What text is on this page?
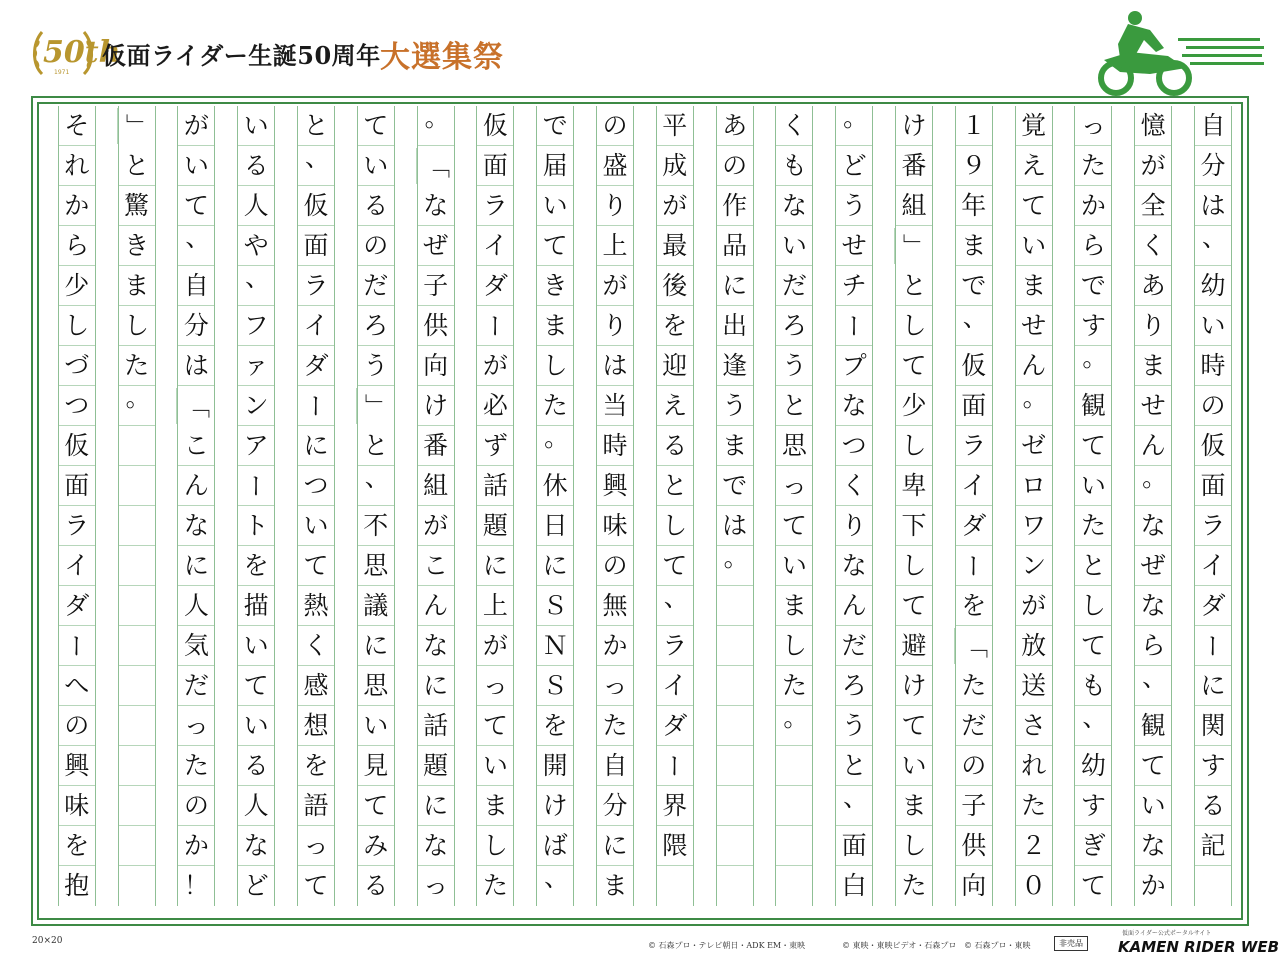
50th
1971
仮面ライダー生誕50周年 大選集祭
自
分
は
、
幼
い
時
の
仮
面
ラ
イ
ダ
ー
に
関
す
る
記
憶
が
全
く
あ
り
ま
せ
ん
。
な
ぜ
な
ら
、
観
て
い
な
か
っ
た
か
ら
で
す
。
観
て
い
た
と
し
て
も
、
幼
す
ぎ
て
覚
え
て
い
ま
せ
ん
。
ゼ
ロ
ワ
ン
が
放
送
さ
れ
た
２
０
１
９
年
ま
で
、
仮
面
ラ
イ
ダ
ー
を
「
た
だ
の
子
供
向
け
番
組
」
と
し
て
少
し
卑
下
し
て
避
け
て
い
ま
し
た
。
ど
う
せ
チ
ー
プ
な
つ
く
り
な
ん
だ
ろ
う
と
、
面
白
く
も
な
い
だ
ろ
う
と
思
っ
て
い
ま
し
た
。
あ
の
作
品
に
出
逢
う
ま
で
は
。
平
成
が
最
後
を
迎
え
る
と
し
て
、
ラ
イ
ダ
ー
界
隈
の
盛
り
上
が
り
は
当
時
興
味
の
無
か
っ
た
自
分
に
ま
で
届
い
て
き
ま
し
た
。
休
日
に
Ｓ
Ｎ
Ｓ
を
開
け
ば
、
仮
面
ラ
イ
ダ
ー
が
必
ず
話
題
に
上
が
っ
て
い
ま
し
た
。
「
な
ぜ
子
供
向
け
番
組
が
こ
ん
な
に
話
題
に
な
っ
て
い
る
の
だ
ろ
う
」
と
、
不
思
議
に
思
い
見
て
み
る
と
、
仮
面
ラ
イ
ダ
ー
に
つ
い
て
熱
く
感
想
を
語
っ
て
い
る
人
や
、
フ
ァ
ン
ア
ー
ト
を
描
い
て
い
る
人
な
ど
が
い
て
、
自
分
は
「
こ
ん
な
に
人
気
だ
っ
た
の
か
！
」
と
驚
き
ま
し
た
。
そ
れ
か
ら
少
し
づ
つ
仮
面
ラ
イ
ダ
ー
へ
の
興
味
を
抱
20×20	© 石森プロ・テレビ朝日・ADK EM・東映	© 東映・東映ビデオ・石森プロ © 石森プロ・東映	非売品
仮面ライダー公式ポータルサイト
KAMEN RIDER WEB
